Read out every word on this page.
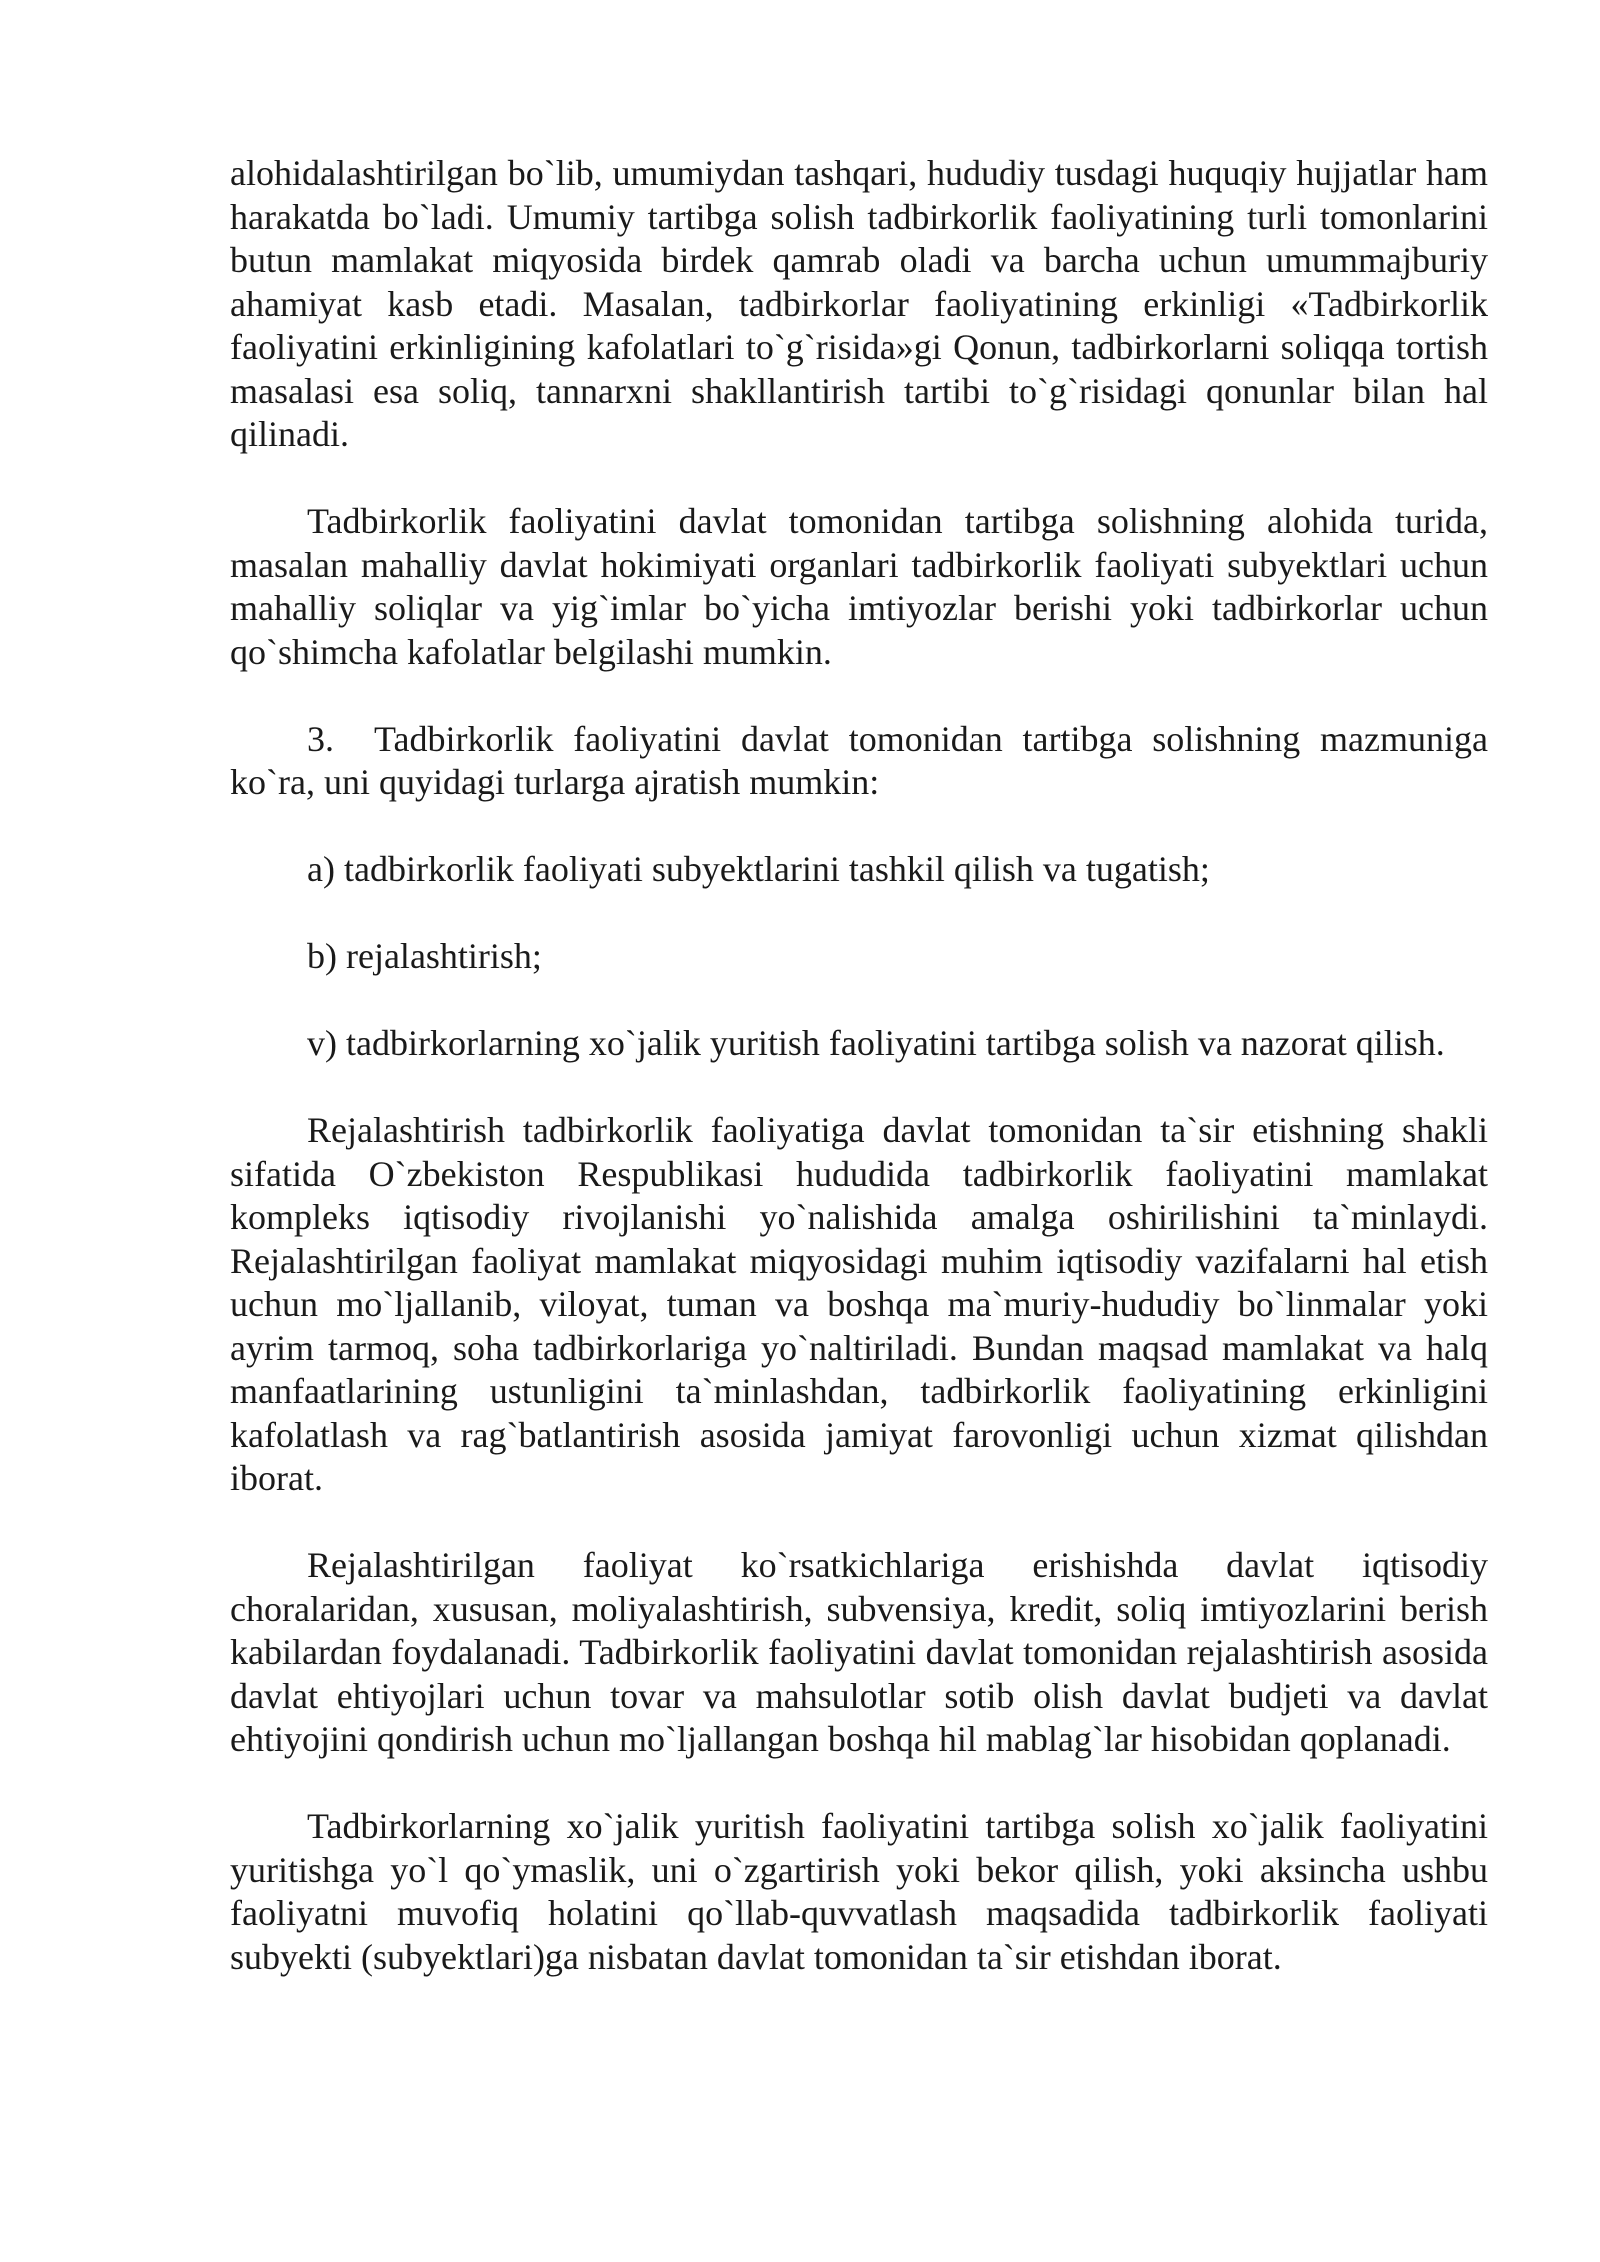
alohidalashtirilgan bo`lib, umumiydan tashqari, hududiy tusdagi huquqiy hujjatlar ham harakatda bo`ladi. Umumiy tartibga solish tadbirkorlik faoliyatining turli tomonlarini butun mamlakat miqyosida birdek qamrab oladi va barcha uchun umummajburiy ahamiyat kasb etadi. Masalan, tadbirkorlar faoliyatining erkinligi «Tadbirkorlik faoliyatini erkinligining kafolatlari to`g`risida»gi Qonun, tadbirkorlarni soliqqa tortish masalasi esa soliq, tannarxni shakllantirish tartibi to`g`risidagi qonunlar bilan hal qilinadi.

Tadbirkorlik faoliyatini davlat tomonidan tartibga solishning alohida turida, masalan mahalliy davlat hokimiyati organlari tadbirkorlik faoliyati subyektlari uchun mahalliy soliqlar va yig`imlar bo`yicha imtiyozlar berishi yoki tadbirkorlar uchun qo`shimcha kafolatlar belgilashi mumkin.

3. Tadbirkorlik faoliyatini davlat tomonidan tartibga solishning mazmuniga ko`ra, uni quyidagi turlarga ajratish mumkin:

a) tadbirkorlik faoliyati subyektlarini tashkil qilish va tugatish;

b) rejalashtirish;

v) tadbirkorlarning xo`jalik yuritish faoliyatini tartibga solish va nazorat qilish.

Rejalashtirish tadbirkorlik faoliyatiga davlat tomonidan ta`sir etishning shakli sifatida O`zbekiston Respublikasi hududida tadbirkorlik faoliyatini mamlakat kompleks iqtisodiy rivojlanishi yo`nalishida amalga oshirilishini ta`minlaydi. Rejalashtirilgan faoliyat mamlakat miqyosidagi muhim iqtisodiy vazifalarni hal etish uchun mo`ljallanib, viloyat, tuman va boshqa ma`muriy-hududiy bo`linmalar yoki ayrim tarmoq, soha tadbirkorlariga yo`naltiriladi. Bundan maqsad mamlakat va halq manfaatlarining ustunligini ta`minlashdan, tadbirkorlik faoliyatining erkinligini kafolatlash va rag`batlantirish asosida jamiyat farovonligi uchun xizmat qilishdan iborat.

Rejalashtirilgan faoliyat ko`rsatkichlariga erishishda davlat iqtisodiy choralaridan, xususan, moliyalashtirish, subvensiya, kredit, soliq imtiyozlarini berish kabilardan foydalanadi. Tadbirkorlik faoliyatini davlat tomonidan rejalashtirish asosida davlat ehtiyojlari uchun tovar va mahsulotlar sotib olish davlat budjeti va davlat ehtiyojini qondirish uchun mo`ljallangan boshqa hil mablag`lar hisobidan qoplanadi.

Tadbirkorlarning xo`jalik yuritish faoliyatini tartibga solish xo`jalik faoliyatini yuritishga yo`l qo`ymaslik, uni o`zgartirish yoki bekor qilish, yoki aksincha ushbu faoliyatni muvofiq holatini qo`llab-quvvatlash maqsadida tadbirkorlik faoliyati subyekti (subyektlari)ga nisbatan davlat tomonidan ta`sir etishdan iborat.
